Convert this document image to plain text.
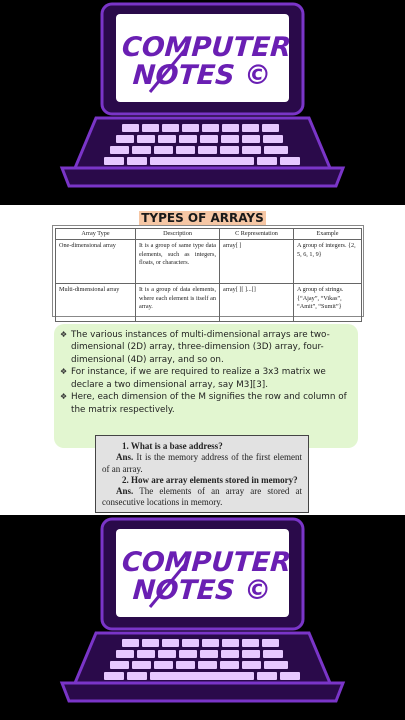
COMPUTER
NOTES ©
TYPES OF ARRAYS
Array Type	Description	C Representation	Example
One-dimensional array	It is a group of same type data elements, such as integers, floats, or characters.	array[ ]	A group of integers. {2, 5, 6, 1, 9}
Multi-dimensional array	It is a group of data elements, where each element is itself an array.	array[ ][ ]...[]	A group of strings. {“Ajay”, “Vikas”, “Amit”, “Sumit”}
❖ The various instances of multi-dimensional arrays are two-dimensional (2D) array, three-dimension (3D) array, four-dimensional (4D) array, and so on.
❖ For instance, if we are required to realize a 3x3 matrix we declare a two dimensional array, say M3][3].
❖ Here, each dimension of the M signifies the row and column of the matrix respectively.
1. What is a base address?
Ans. It is the memory address of the first element of an array.
2. How are array elements stored in memory?
Ans. The elements of an array are stored at consecutive locations in memory.
COMPUTER
NOTES ©
